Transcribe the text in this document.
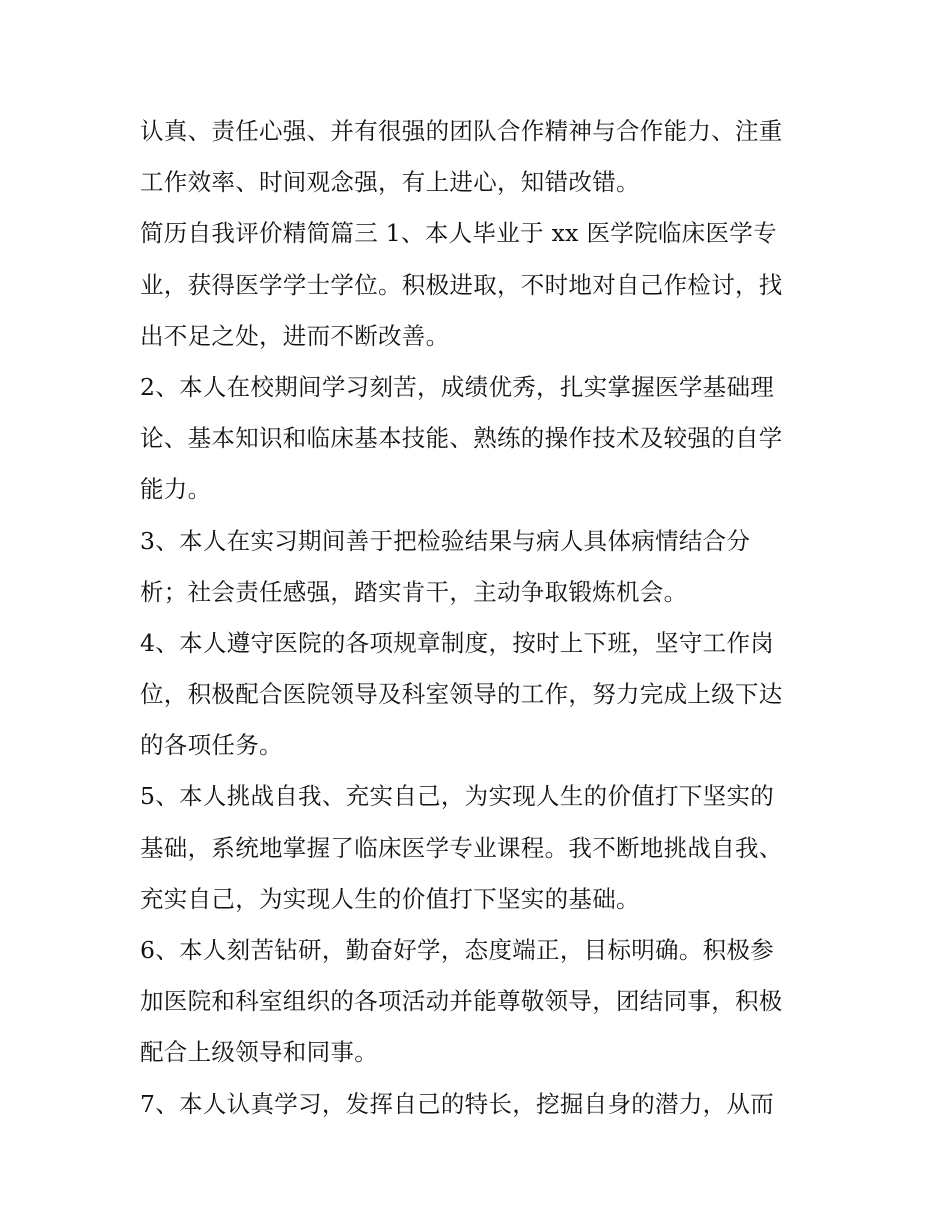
认真、责任心强、并有很强的团队合作精神与合作能力、注重
工作效率、时间观念强，有上进心，知错改错。
简历自我评价精简篇三 1、本人毕业于 xx 医学院临床医学专
业，获得医学学士学位。积极进取，不时地对自己作检讨，找
出不足之处，进而不断改善。
2、本人在校期间学习刻苦，成绩优秀，扎实掌握医学基础理
论、基本知识和临床基本技能、熟练的操作技术及较强的自学
能力。
3、本人在实习期间善于把检验结果与病人具体病情结合分
析；社会责任感强，踏实肯干，主动争取锻炼机会。
4、本人遵守医院的各项规章制度，按时上下班，坚守工作岗
位，积极配合医院领导及科室领导的工作，努力完成上级下达
的各项任务。
5、本人挑战自我、充实自己，为实现人生的价值打下坚实的
基础，系统地掌握了临床医学专业课程。我不断地挑战自我、
充实自己，为实现人生的价值打下坚实的基础。
6、本人刻苦钻研，勤奋好学，态度端正，目标明确。积极参
加医院和科室组织的各项活动并能尊敬领导，团结同事，积极
配合上级领导和同事。
7、本人认真学习，发挥自己的特长，挖掘自身的潜力，从而
